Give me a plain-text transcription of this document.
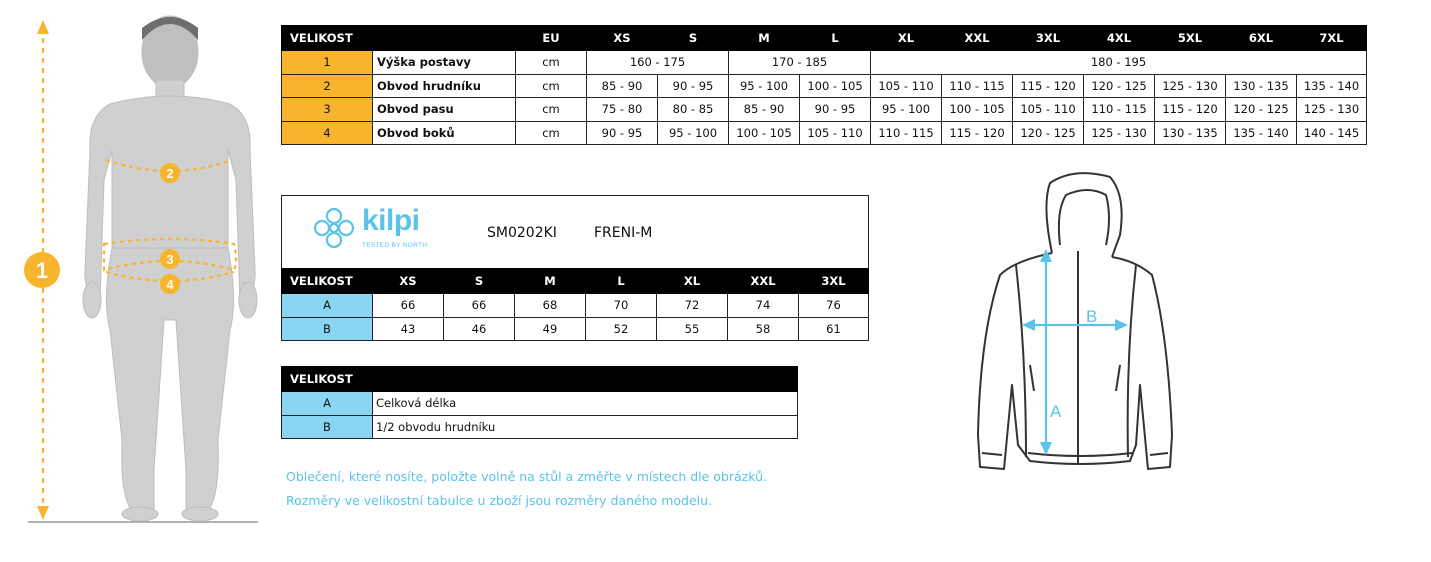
1
2
3
4
VELIKOST		EU	XS	S	M	L	XL	XXL	3XL	4XL	5XL	6XL	7XL
1	Výška postavy	cm	160 - 175		170 - 185		180 - 195						
2	Obvod hrudníku	cm	85 - 90	90 - 95	95 - 100	100 - 105	105 - 110	110 - 115	115 - 120	120 - 125	125 - 130	130 - 135	135 - 140
3	Obvod pasu	cm	75 - 80	80 - 85	85 - 90	90 - 95	95 - 100	100 - 105	105 - 110	110 - 115	115 - 120	120 - 125	125 - 130
4	Obvod boků	cm	90 - 95	95 - 100	100 - 105	105 - 110	110 - 115	115 - 120	120 - 125	125 - 130	130 - 135	135 - 140	140 - 145
kilpi
TESTED BY NORTH
SM0202KI	FRENI-M
VELIKOST	XS	S	M	L	XL	XXL	3XL
A	66	66	68	70	72	74	76
B	43	46	49	52	55	58	61
VELIKOST	
A	Celková délka
B	1/2 obvodu hrudníku
Oblečení, které nosíte, položte volně na stůl a změřte v místech dle obrázků.
Rozměry ve velikostní tabulce u zboží jsou rozměry daného modelu.
A
B
